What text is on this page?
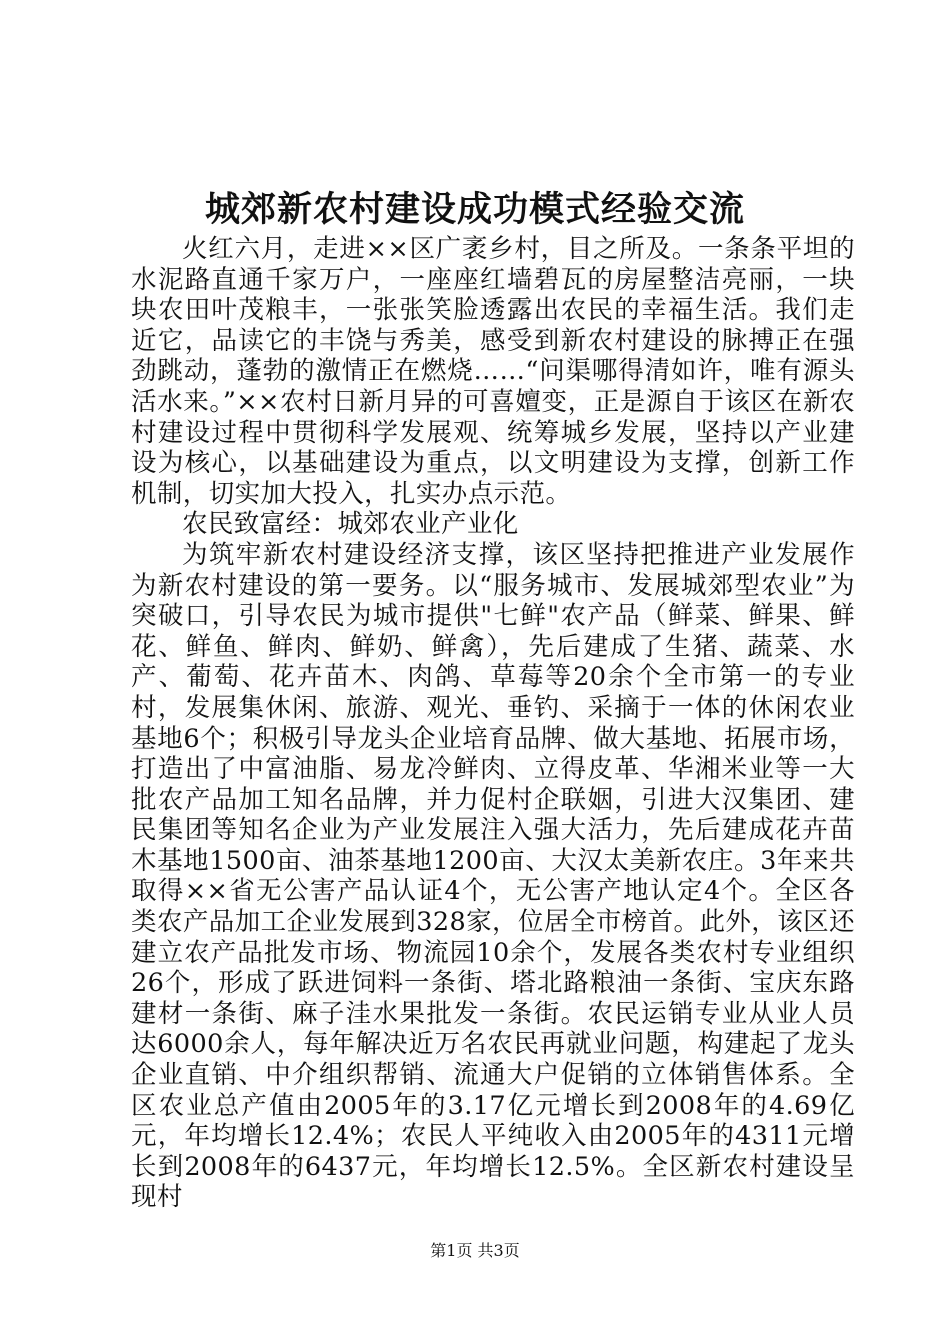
城郊新农村建设成功模式经验交流

火红六月，走进××区广袤乡村，目之所及。一条条平坦的水泥路直通千家万户，一座座红墙碧瓦的房屋整洁亮丽，一块块农田叶茂粮丰，一张张笑脸透露出农民的幸福生活。我们走近它，品读它的丰饶与秀美，感受到新农村建设的脉搏正在强劲跳动，蓬勃的激情正在燃烧……“问渠哪得清如许，唯有源头活水来。”××农村日新月异的可喜嬗变，正是源自于该区在新农村建设过程中贯彻科学发展观、统筹城乡发展，坚持以产业建设为核心，以基础建设为重点，以文明建设为支撑，创新工作机制，切实加大投入，扎实办点示范。

农民致富经：城郊农业产业化

为筑牢新农村建设经济支撑，该区坚持把推进产业发展作为新农村建设的第一要务。以“服务城市、发展城郊型农业”为突破口，引导农民为城市提供"七鲜"农产品（鲜菜、鲜果、鲜花、鲜鱼、鲜肉、鲜奶、鲜禽），先后建成了生猪、蔬菜、水产、葡萄、花卉苗木、肉鸽、草莓等20余个全市第一的专业村，发展集休闲、旅游、观光、垂钓、采摘于一体的休闲农业基地6个；积极引导龙头企业培育品牌、做大基地、拓展市场，打造出了中富油脂、易龙冷鲜肉、立得皮革、华湘米业等一大批农产品加工知名品牌，并力促村企联姻，引进大汉集团、建民集团等知名企业为产业发展注入强大活力，先后建成花卉苗木基地1500亩、油茶基地1200亩、大汉太美新农庄。3年来共取得××省无公害产品认证4个，无公害产地认定4个。全区各类农产品加工企业发展到328家，位居全市榜首。此外，该区还建立农产品批发市场、物流园10余个，发展各类农村专业组织26个，形成了跃进饲料一条街、塔北路粮油一条街、宝庆东路建材一条街、麻子洼水果批发一条街。农民运销专业从业人员达6000余人，每年解决近万名农民再就业问题，构建起了龙头企业直销、中介组织帮销、流通大户促销的立体销售体系。全区农业总产值由2005年的3.17亿元增长到2008年的4.69亿元，年均增长12.4%；农民人平纯收入由2005年的4311元增长到2008年的6437元，年均增长12.5%。全区新农村建设呈现村

第1页 共3页
